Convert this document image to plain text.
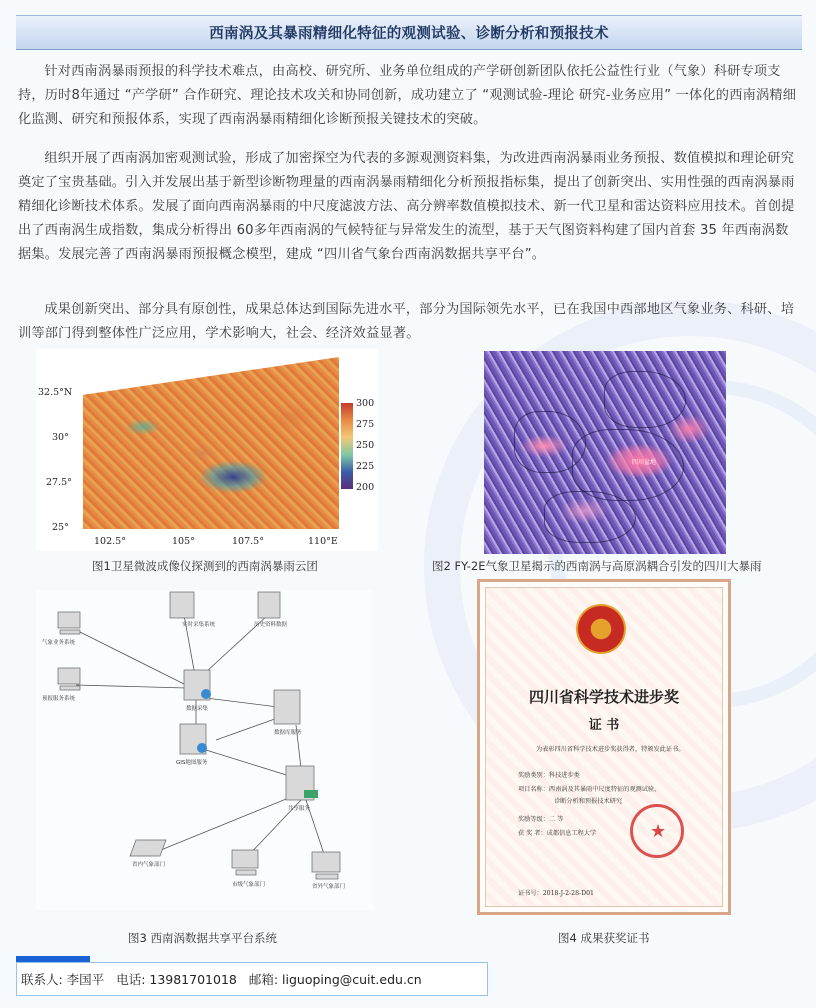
西南涡及其暴雨精细化特征的观测试验、诊断分析和预报技术
针对西南涡暴雨预报的科学技术难点，由高校、研究所、业务单位组成的产学研创新团队依托公益性行业（气象）科研专项支持，历时8年通过 “产学研” 合作研究、理论技术攻关和协同创新，成功建立了 “观测试验-理论 研究-业务应用” 一体化的西南涡精细化监测、研究和预报体系，实现了西南涡暴雨精细化诊断预报关键技术的突破。
组织开展了西南涡加密观测试验，形成了加密探空为代表的多源观测资料集，为改进西南涡暴雨业务预报、数值模拟和理论研究奠定了宝贵基础。引入并发展出基于新型诊断物理量的西南涡暴雨精细化分析预报指标集，提出了创新突出、实用性强的西南涡暴雨精细化诊断技术体系。发展了面向西南涡暴雨的中尺度滤波方法、高分辨率数值模拟技术、新一代卫星和雷达资料应用技术。首创提出了西南涡生成指数，集成分析得出 60多年西南涡的气候特征与异常发生的流型，基于天气图资料构建了国内首套 35 年西南涡数据集。发展完善了西南涡暴雨预报概念模型，建成 “四川省气象台西南涡数据共享平台”。
成果创新突出、部分具有原创性，成果总体达到国际先进水平，部分为国际领先水平，已在我国中西部地区气象业务、科研、培训等部门得到整体性广泛应用，学术影响大，社会、经济效益显著。
32.5°N
30°
27.5°
25°
102.5°	105°	107.5°	110°E
300
275
250
225
200
图1卫星微波成像仪探测到的西南涡暴雨云团
四川盆地
图2 FY-2E气象卫星揭示的西南涡与高原涡耦合引发的四川大暴雨
实时采集系统	历史资料数据
气象业务系统
预报服务系统
数据采集
数据库服务
GIS地图服务
共享服务
省内气象部门
市级气象部门	省外气象部门
图3 西南涡数据共享平台系统
四川省科学技术进步奖
证 书
为表彰四川省科学技术进步奖获得者，特颁发此证书。
奖励类别：科技进步类
项目名称：西南涡及其暴雨中尺度特征的观测试验、
诊断分析和预报技术研究
奖励等级：二 等
获 奖 者：成都信息工程大学	★
证书号：2018-J-2-28-D01
图4 成果获奖证书
联系人: 李国平 电话: 13981701018 邮箱: liguoping@cuit.edu.cn
